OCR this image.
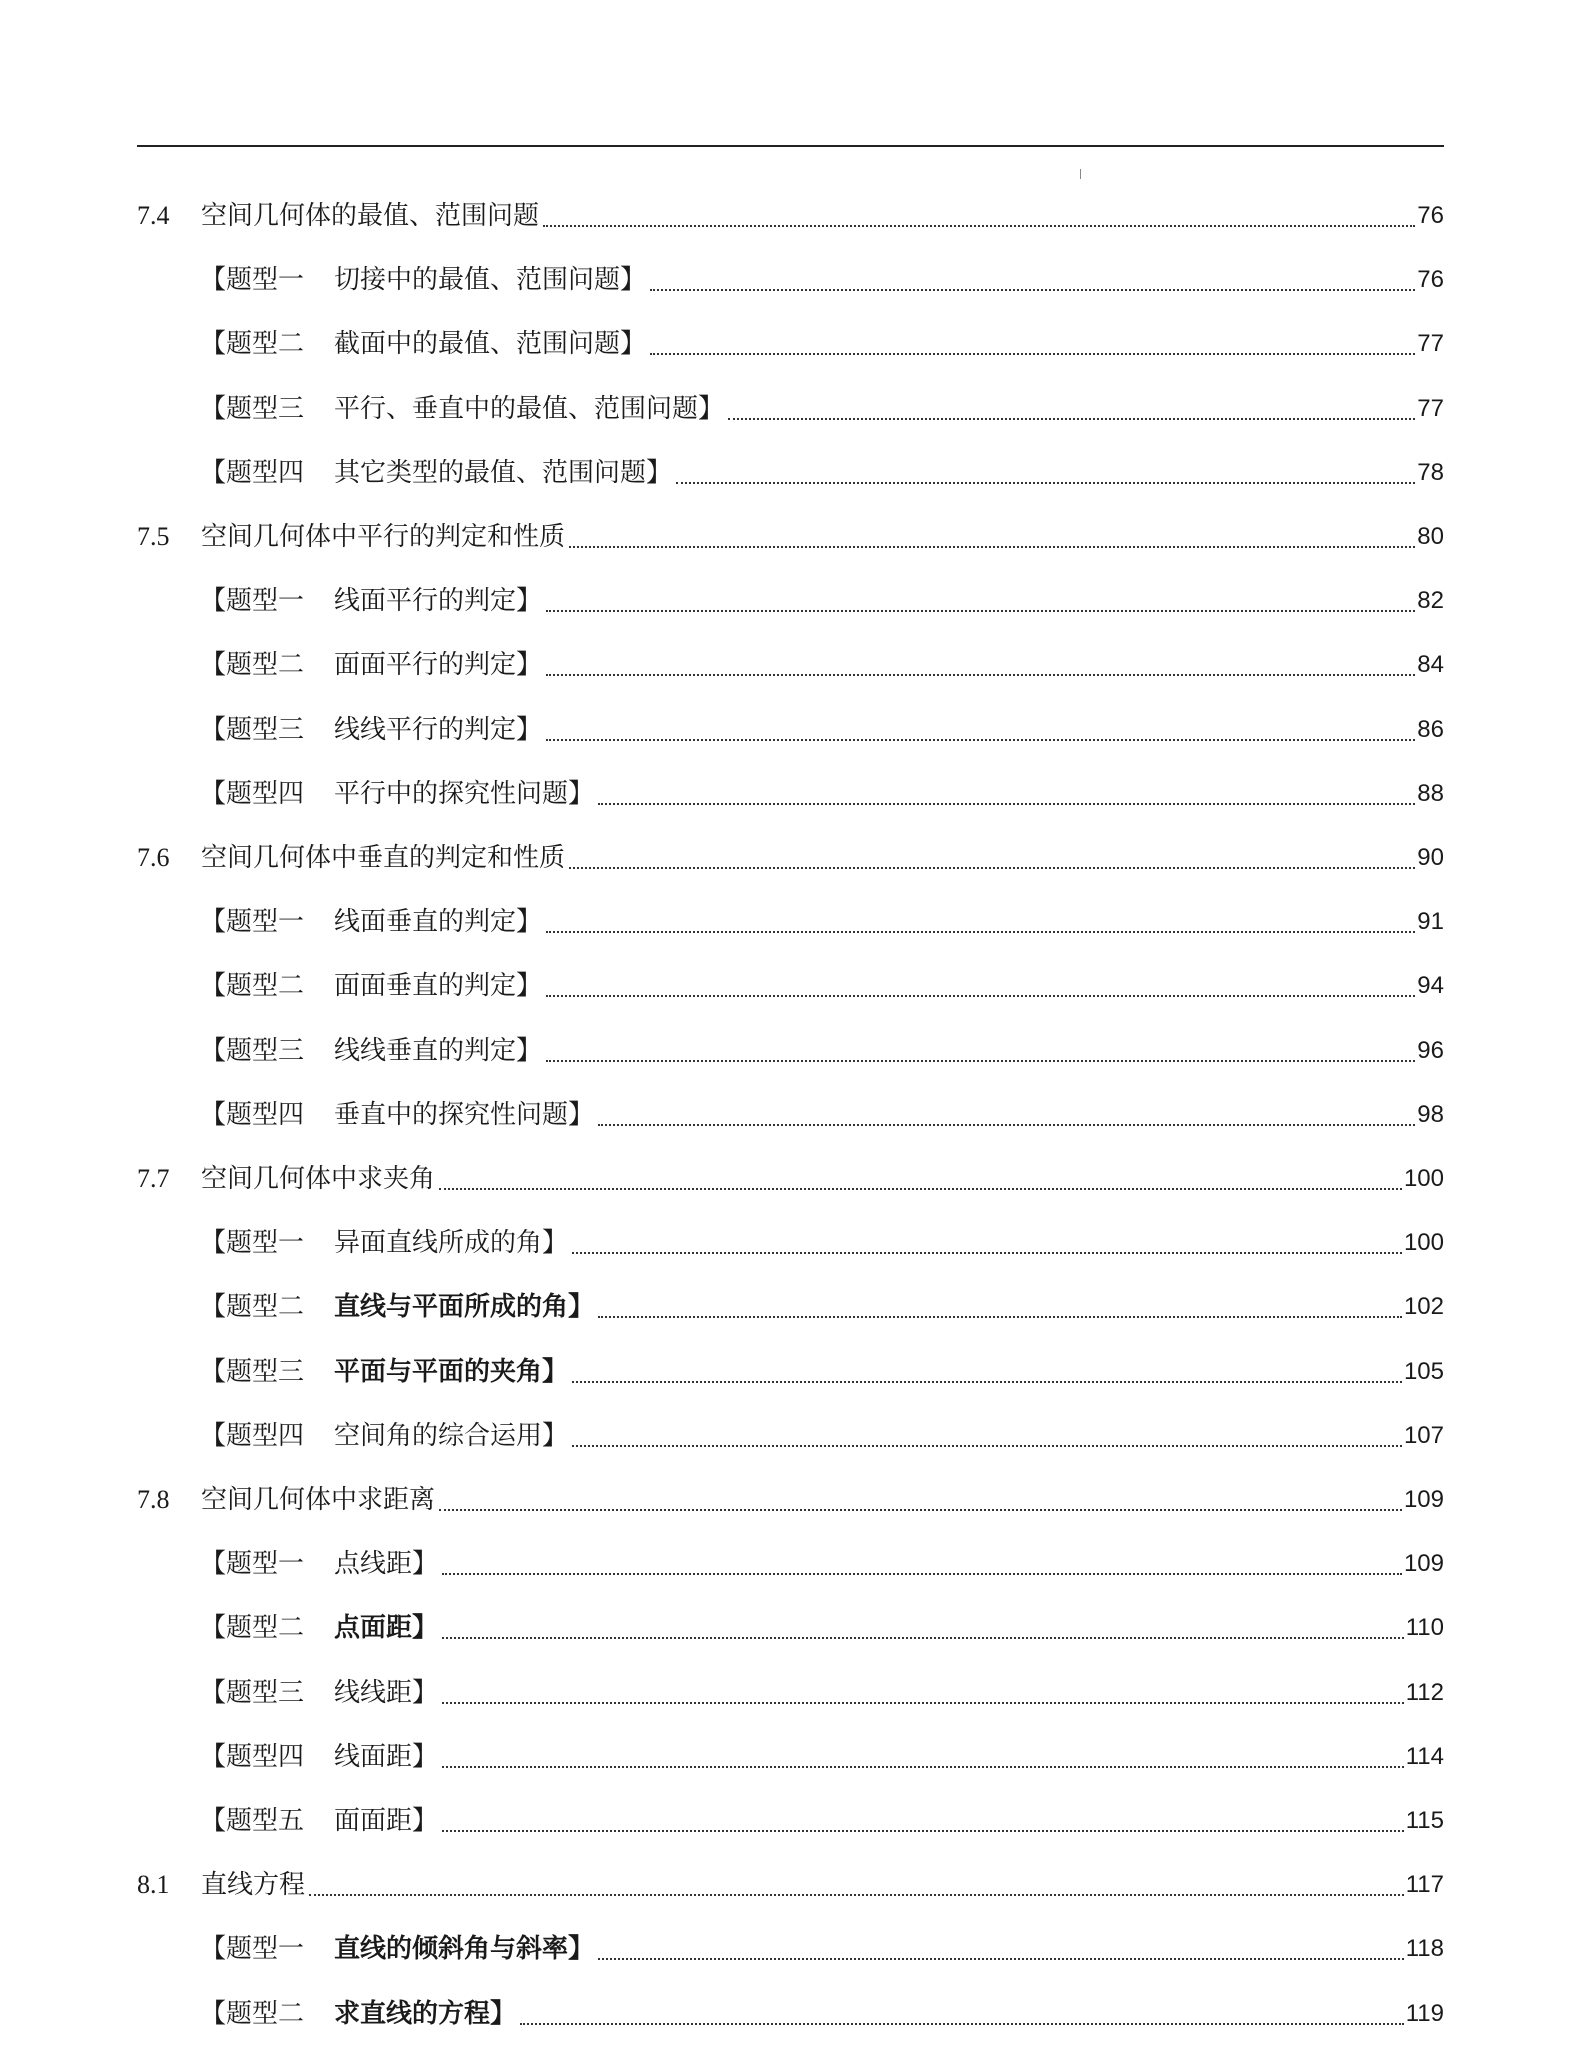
7.4	空间几何体的最值、范围问题	76
【题型一 切接中的最值、范围问题】	76
【题型二 截面中的最值、范围问题】	77
【题型三 平行、垂直中的最值、范围问题】	77
【题型四 其它类型的最值、范围问题】	78
7.5	空间几何体中平行的判定和性质	80
【题型一 线面平行的判定】	82
【题型二 面面平行的判定】	84
【题型三 线线平行的判定】	86
【题型四 平行中的探究性问题】	88
7.6	空间几何体中垂直的判定和性质	90
【题型一 线面垂直的判定】	91
【题型二 面面垂直的判定】	94
【题型三 线线垂直的判定】	96
【题型四 垂直中的探究性问题】	98
7.7	空间几何体中求夹角	100
【题型一 异面直线所成的角】	100
【题型二 直线与平面所成的角】	102
【题型三 平面与平面的夹角】	105
【题型四 空间角的综合运用】	107
7.8	空间几何体中求距离	109
【题型一 点线距】	109
【题型二 点面距】	110
【题型三 线线距】	112
【题型四 线面距】	114
【题型五 面面距】	115
8.1	直线方程	117
【题型一 直线的倾斜角与斜率】	118
【题型二 求直线的方程】	119
